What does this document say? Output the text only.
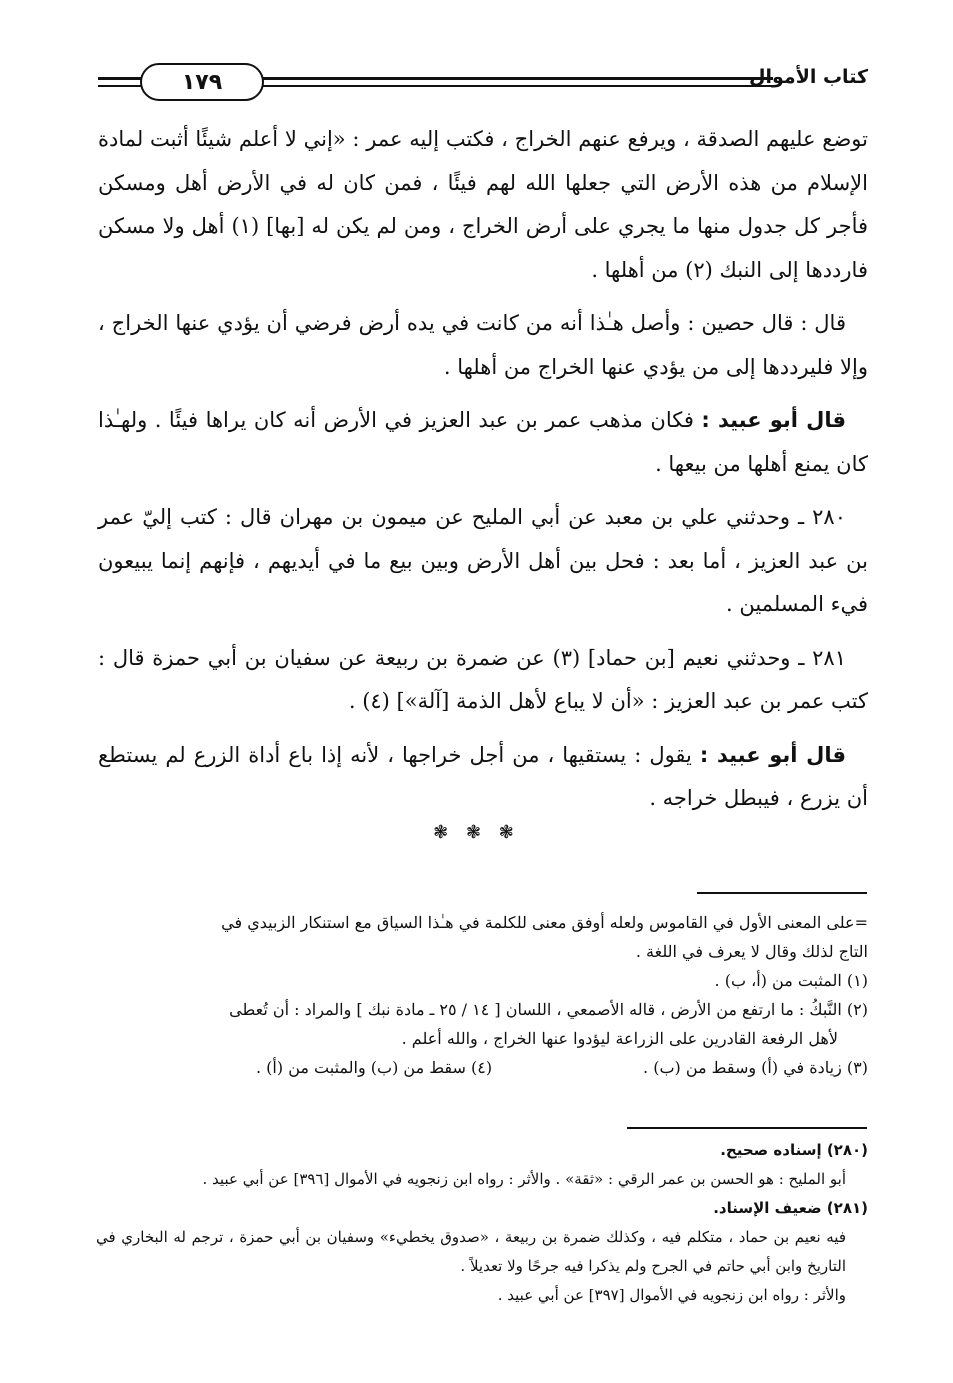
١٧٩	كتاب الأموال

توضع عليهم الصدقة ، ويرفع عنهم الخراج ، فكتب إليه عمر : «إني لا أعلم شيئًا أثبت لمادة الإسلام من هذه الأرض التي جعلها الله لهم فيئًا ، فمن كان له في الأرض أهل ومسكن فأجر كل جدول منها ما يجري على أرض الخراج ، ومن لم يكن له [بها] (١) أهل ولا مسكن فارددها إلى النبك (٢) من أهلها .

قال : قال حصين : وأصل هـٰذا أنه من كانت في يده أرض فرضي أن يؤدي عنها الخراج ، وإلا فليرددها إلى من يؤدي عنها الخراج من أهلها .

قال أبو عبيد : فكان مذهب عمر بن عبد العزيز في الأرض أنه كان يراها فيئًا . ولهـٰذا كان يمنع أهلها من بيعها .

٢٨٠ ـ وحدثني علي بن معبد عن أبي المليح عن ميمون بن مهران قال : كتب إليّ عمر بن عبد العزيز ، أما بعد : فحل بين أهل الأرض وبين بيع ما في أيديهم ، فإنهم إنما يبيعون فيء المسلمين .

٢٨١ ـ وحدثني نعيم [بن حماد] (٣) عن ضمرة بن ربيعة عن سفيان بن أبي حمزة قال : كتب عمر بن عبد العزيز : «أن لا يباع لأهل الذمة [آلة»] (٤) .

قال أبو عبيد : يقول : يستقيها ، من أجل خراجها ، لأنه إذا باع أداة الزرع لم يستطع أن يزرع ، فيبطل خراجه .

❃ ❃ ❃

=على المعنى الأول في القاموس ولعله أوفق معنى للكلمة في هـٰذا السياق مع استنكار الزبيدي في

التاج لذلك وقال لا يعرف في اللغة .

(١) المثبت من (أ، ب) .

(٢) النَّبكُ : ما ارتفع من الأرض ، قاله الأصمعي ، اللسان [ ١٤ / ٢٥ ـ مادة نبك ] والمراد : أن تُعطى

لأهل الرفعة القادرين على الزراعة ليؤدوا عنها الخراج ، والله أعلم .

(٣) زيادة في (أ) وسقط من (ب) .
(٤) سقط من (ب) والمثبت من (أ) .

(٢٨٠) إسناده صحيح.

أبو المليح : هو الحسن بن عمر الرقي : «ثقة» . والأثر : رواه ابن زنجويه في الأموال [٣٩٦] عن أبي عبيد .

(٢٨١) ضعيف الإسناد.

فيه نعيم بن حماد ، متكلم فيه ، وكذلك ضمرة بن ربيعة ، «صدوق يخطيء» وسفيان بن أبي حمزة ، ترجم له البخاري في التاريخ وابن أبي حاتم في الجرح ولم يذكرا فيه جرحًا ولا تعديلاً .

والأثر : رواه ابن زنجويه في الأموال [٣٩٧] عن أبي عبيد .
